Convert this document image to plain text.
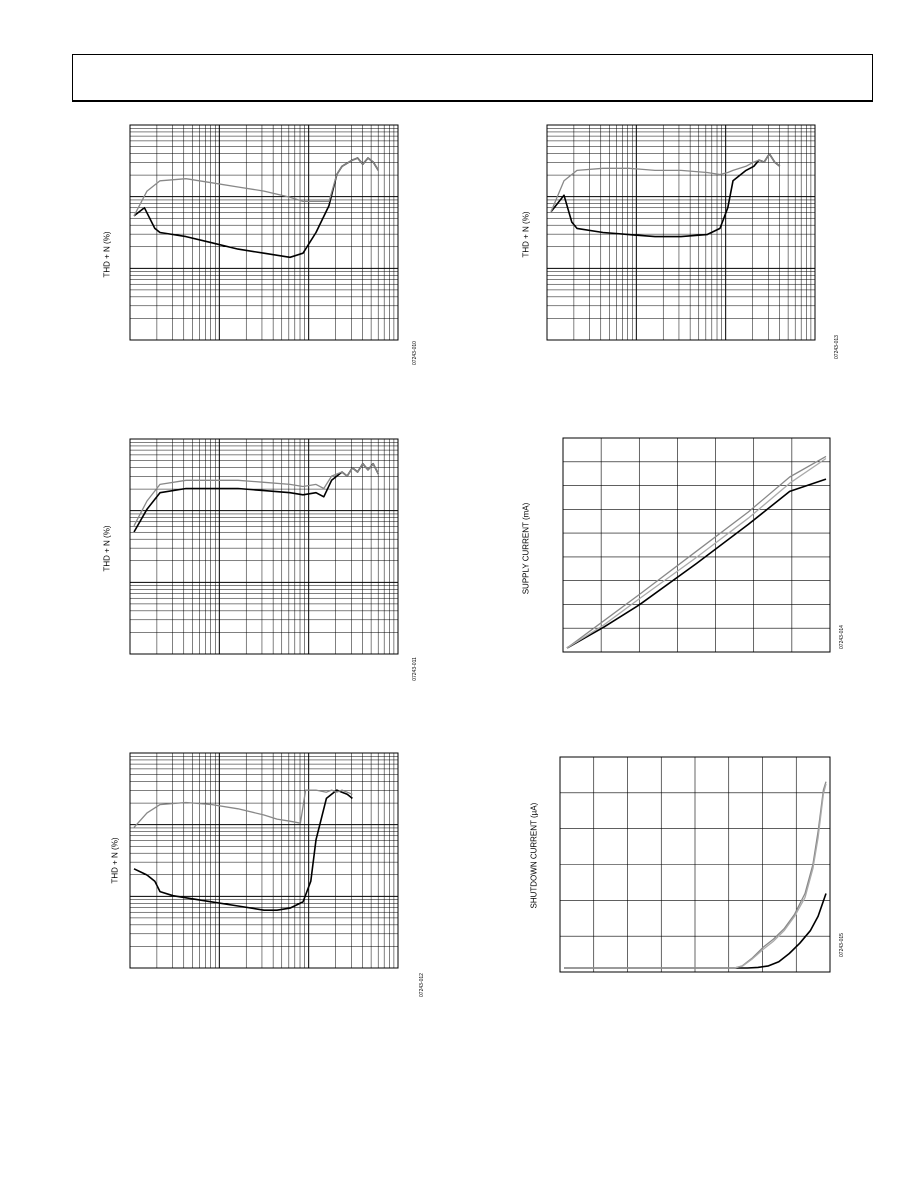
THD + N (%)
07243-010
THD + N (%)
07243-013
THD + N (%)
07243-011
SUPPLY CURRENT (mA)
07243-014
THD + N (%)
07243-012
SHUTDOWN CURRENT (µA)
07243-015
